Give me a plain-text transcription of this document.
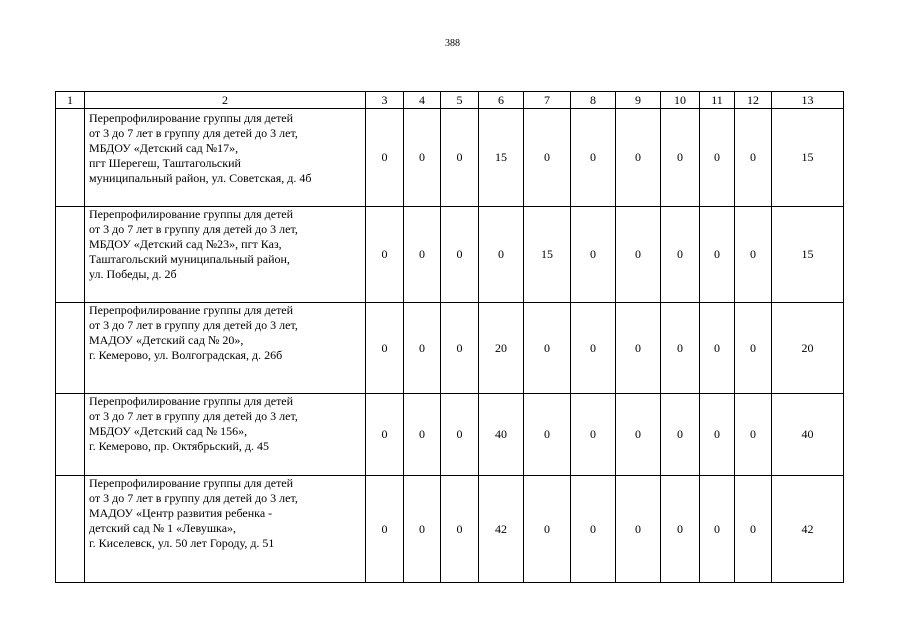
388
1	2	3	4	5	6	7	8	9	10	11	12	13

	Перепрофилирование группы для детей
от 3 до 7 лет в группу для детей до 3 лет,
МБДОУ «Детский сад №17»,
пгт Шерегеш, Таштагольский
муниципальный район, ул. Советская, д. 4б	0	0	0	15	0	0	0	0	0	0	15

	Перепрофилирование группы для детей
от 3 до 7 лет в группу для детей до 3 лет,
МБДОУ «Детский сад №23», пгт Каз,
Таштагольский муниципальный район,
ул. Победы, д. 2б	0	0	0	0	15	0	0	0	0	0	15

	Перепрофилирование группы для детей
от 3 до 7 лет в группу для детей до 3 лет,
МАДОУ «Детский сад № 20»,
г. Кемерово, ул. Волгоградская, д. 26б	0	0	0	20	0	0	0	0	0	0	20

	Перепрофилирование группы для детей
от 3 до 7 лет в группу для детей до 3 лет,
МБДОУ «Детский сад № 156»,
г. Кемерово, пр. Октябрьский, д. 45	0	0	0	40	0	0	0	0	0	0	40

	Перепрофилирование группы для детей
от 3 до 7 лет в группу для детей до 3 лет,
МАДОУ «Центр развития ребенка -
детский сад № 1 «Левушка»,
г. Киселевск, ул. 50 лет Городу, д. 51	0	0	0	42	0	0	0	0	0	0	42
